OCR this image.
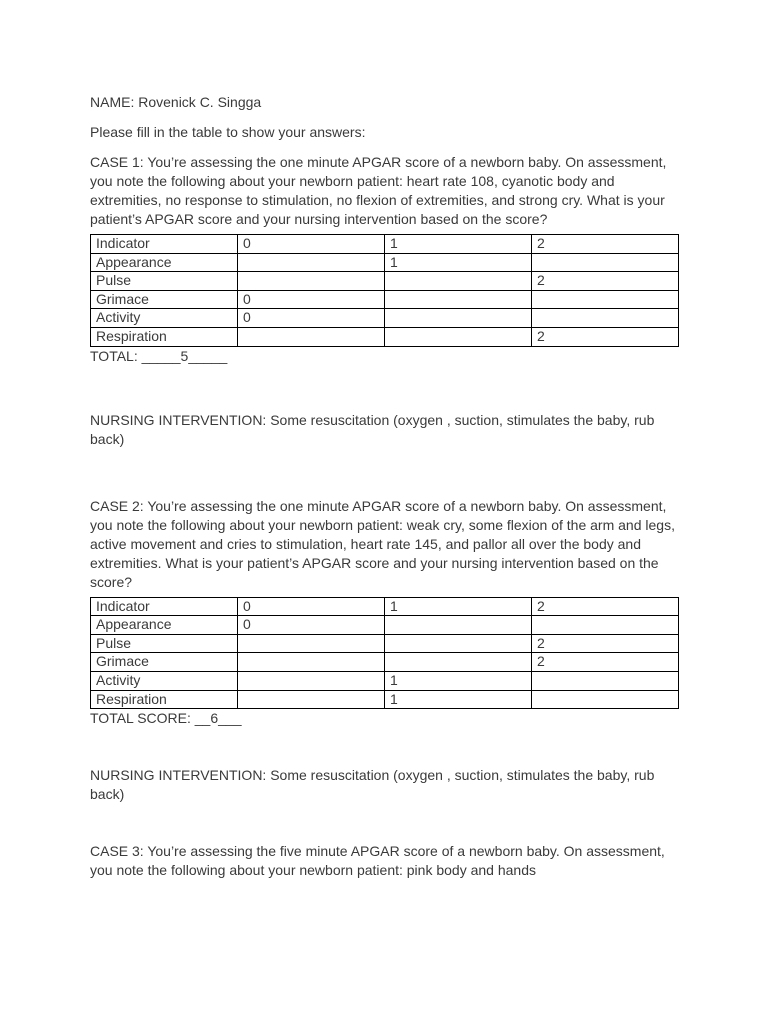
NAME: Rovenick C. Singga

Please fill in the table to show your answers:

CASE 1: You’re assessing the one minute APGAR score of a newborn baby. On assessment, you note the following about your newborn patient: heart rate 108, cyanotic body and extremities, no response to stimulation, no flexion of extremities, and strong cry. What is your patient’s APGAR score and your nursing intervention based on the score?

Indicator	0	1	2
Appearance		1	
Pulse			2
Grimace	0		
Activity	0		
Respiration			2

TOTAL: _____5_____

NURSING INTERVENTION: Some resuscitation (oxygen , suction, stimulates the baby, rub back)

CASE 2: You’re assessing the one minute APGAR score of a newborn baby. On assessment, you note the following about your newborn patient: weak cry, some flexion of the arm and legs, active movement and cries to stimulation, heart rate 145, and pallor all over the body and extremities. What is your patient’s APGAR score and your nursing intervention based on the score?

Indicator	0	1	2
Appearance	0		
Pulse			2
Grimace			2
Activity		1	
Respiration		1	

TOTAL SCORE: __6___

NURSING INTERVENTION: Some resuscitation (oxygen , suction, stimulates the baby, rub back)

CASE 3: You’re assessing the five minute APGAR score of a newborn baby. On assessment, you note the following about your newborn patient: pink body and hands
